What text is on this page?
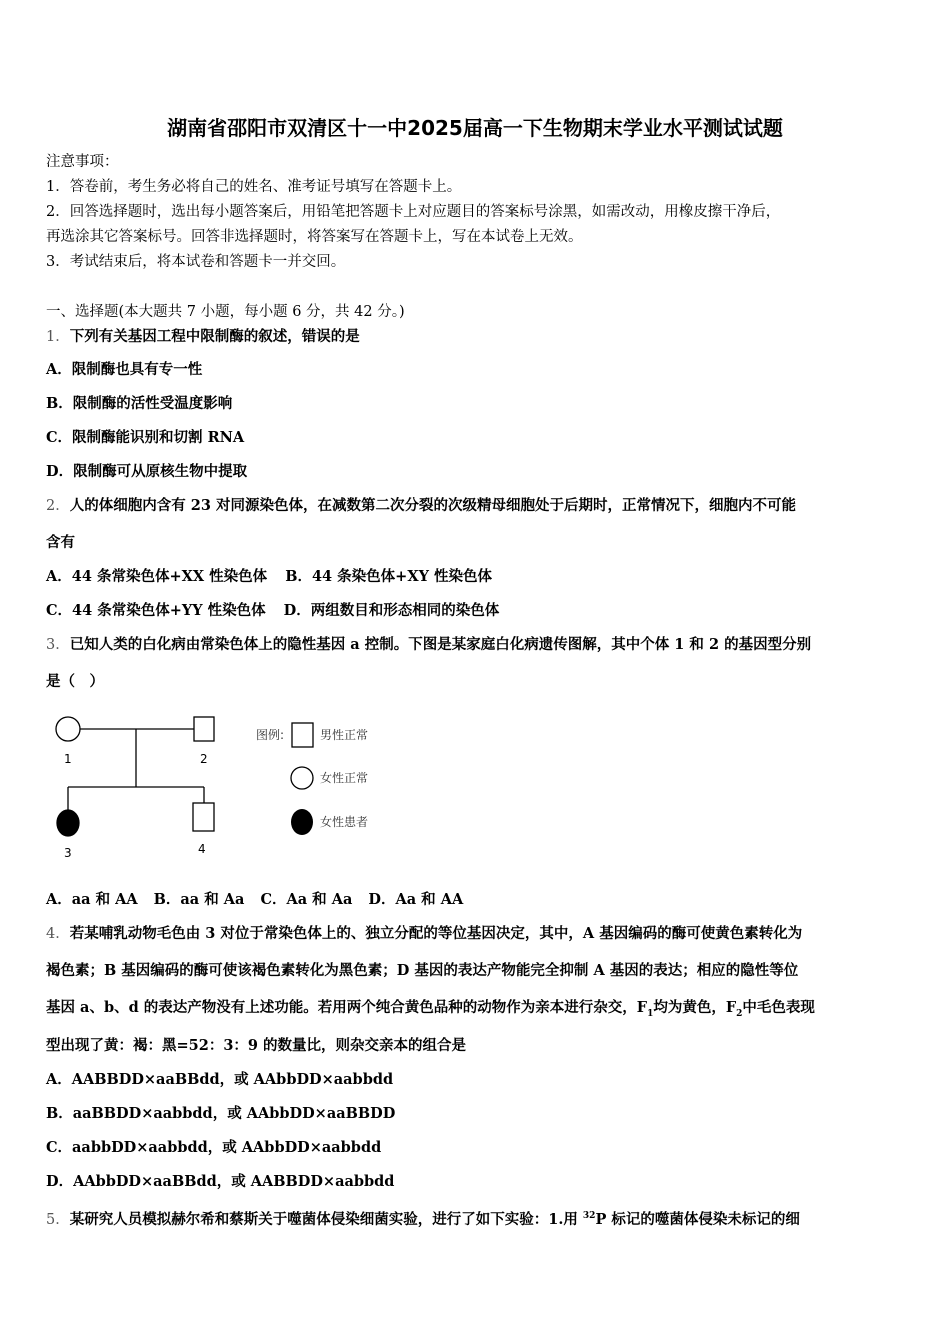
湖南省邵阳市双清区十一中2025届高一下生物期末学业水平测试试题
注意事项：
1．答卷前，考生务必将自己的姓名、准考证号填写在答题卡上。
2．回答选择题时，选出每小题答案后，用铅笔把答题卡上对应题目的答案标号涂黑，如需改动，用橡皮擦干净后，
再选涂其它答案标号。回答非选择题时，将答案写在答题卡上，写在本试卷上无效。
3．考试结束后，将本试卷和答题卡一并交回。
一、选择题(本大题共 7 小题，每小题 6 分，共 42 分。)
1．下列有关基因工程中限制酶的叙述，错误的是
A．限制酶也具有专一性
B．限制酶的活性受温度影响
C．限制酶能识别和切割 RNA
D．限制酶可从原核生物中提取
2．人的体细胞内含有 23 对同源染色体，在减数第二次分裂的次级精母细胞处于后期时，正常情况下，细胞内不可能
含有
A．44 条常染色体+XX 性染色体 B．44 条染色体+XY 性染色体
C．44 条常染色体+YY 性染色体 D．两组数目和形态相同的染色体
3．已知人类的白化病由常染色体上的隐性基因 a 控制。下图是某家庭白化病遗传图解，其中个体 1 和 2 的基因型分别
是（　）
1	2
3	4
图例:	男性正常
女性正常
女性患者
A．aa 和 AA B．aa 和 Aa C．Aa 和 Aa D．Aa 和 AA
4．若某哺乳动物毛色由 3 对位于常染色体上的、独立分配的等位基因决定，其中，A 基因编码的酶可使黄色素转化为
褐色素；B 基因编码的酶可使该褐色素转化为黑色素；D 基因的表达产物能完全抑制 A 基因的表达；相应的隐性等位
基因 a、b、d 的表达产物没有上述功能。若用两个纯合黄色品种的动物作为亲本进行杂交，$F_1$均为黄色，$F_2$中毛色表现
型出现了黄：褐：黑=52：3：9 的数量比，则杂交亲本的组合是
A．AABBDD×aaBBdd，或 AAbbDD×aabbdd
B．aaBBDD×aabbdd，或 AAbbDD×aaBBDD
C．aabbDD×aabbdd，或 AAbbDD×aabbdd
D．AAbbDD×aaBBdd，或 AABBDD×aabbdd
5．某研究人员模拟赫尔希和蔡斯关于噬菌体侵染细菌实验，进行了如下实验：1.用 $^{32}$P 标记的噬菌体侵染未标记的细
